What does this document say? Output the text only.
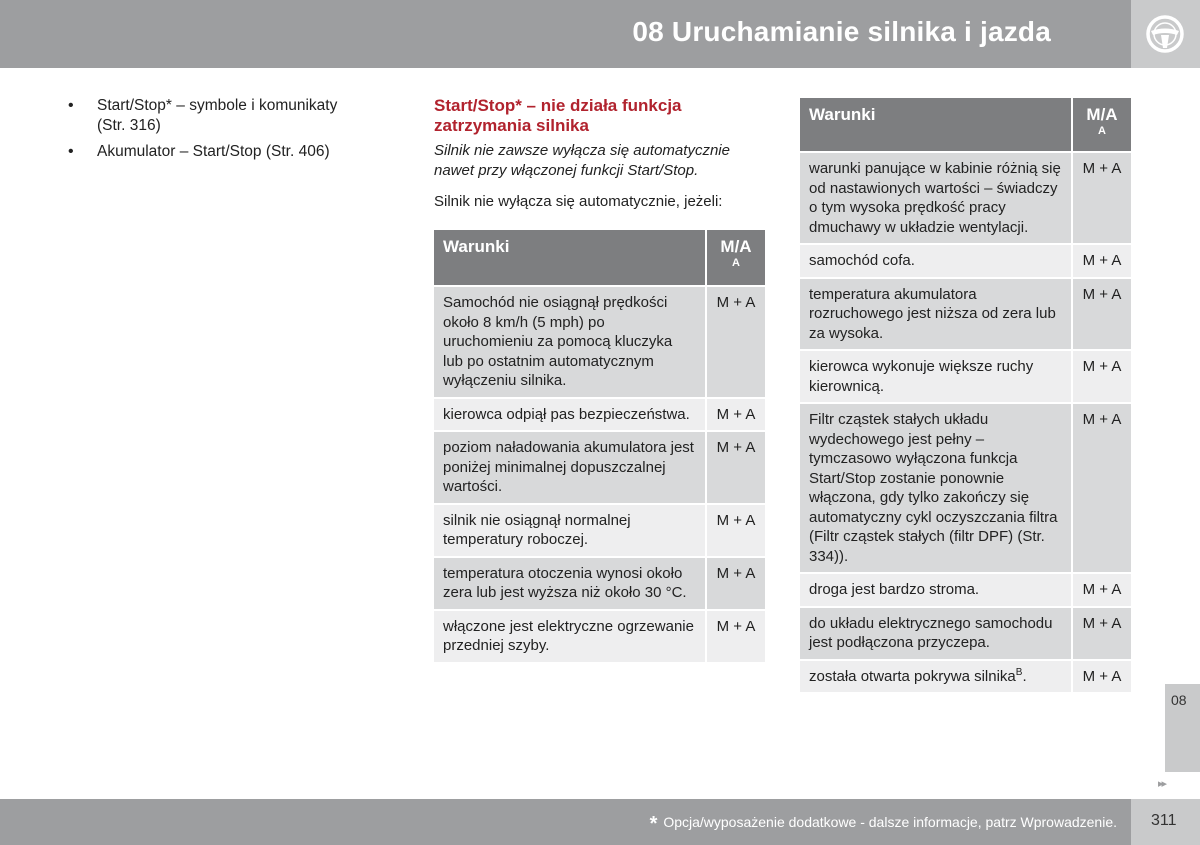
08 Uruchamianie silnika i jazda
• Start/Stop* – symbole i komunikaty (Str. 316)
• Akumulator – Start/Stop (Str. 406)
Start/Stop* – nie działa funkcja zatrzymania silnika
Silnik nie zawsze wyłącza się automatycznie nawet przy włączonej funkcji Start/Stop.
Silnik nie wyłącza się automatycznie, jeżeli:
Warunki	M/A
A

Samochód nie osiągnął prędkości około 8 km/h (5 mph) po uruchomieniu za pomocą kluczyka lub po ostatnim automatycznym wyłączeniu silnika.	M + A
kierowca odpiął pas bezpieczeństwa.	M + A
poziom naładowania akumulatora jest poniżej minimalnej dopuszczalnej wartości.	M + A
silnik nie osiągnął normalnej temperatury roboczej.	M + A
temperatura otoczenia wynosi około zera lub jest wyższa niż około 30 °C.	M + A
włączone jest elektryczne ogrzewanie przedniej szyby.	M + A
Warunki	M/A
A

warunki panujące w kabinie różnią się od nastawionych wartości – świadczy o tym wysoka prędkość pracy dmuchawy w układzie wentylacji.	M + A
samochód cofa.	M + A
temperatura akumulatora rozruchowego jest niższa od zera lub za wysoka.	M + A
kierowca wykonuje większe ruchy kierownicą.	M + A
Filtr cząstek stałych układu wydechowego jest pełny – tymczasowo wyłączona funkcja Start/Stop zostanie ponownie włączona, gdy tylko zakończy się automatyczny cykl oczyszczania filtra (Filtr cząstek stałych (filtr DPF) (Str. 334)).	M + A
droga jest bardzo stroma.	M + A
do układu elektrycznego samochodu jest podłączona przyczepa.	M + A
została otwarta pokrywa silnika$^B$.	M + A
08
▸▸
* Opcja/wyposażenie dodatkowe - dalsze informacje, patrz Wprowadzenie. 311
